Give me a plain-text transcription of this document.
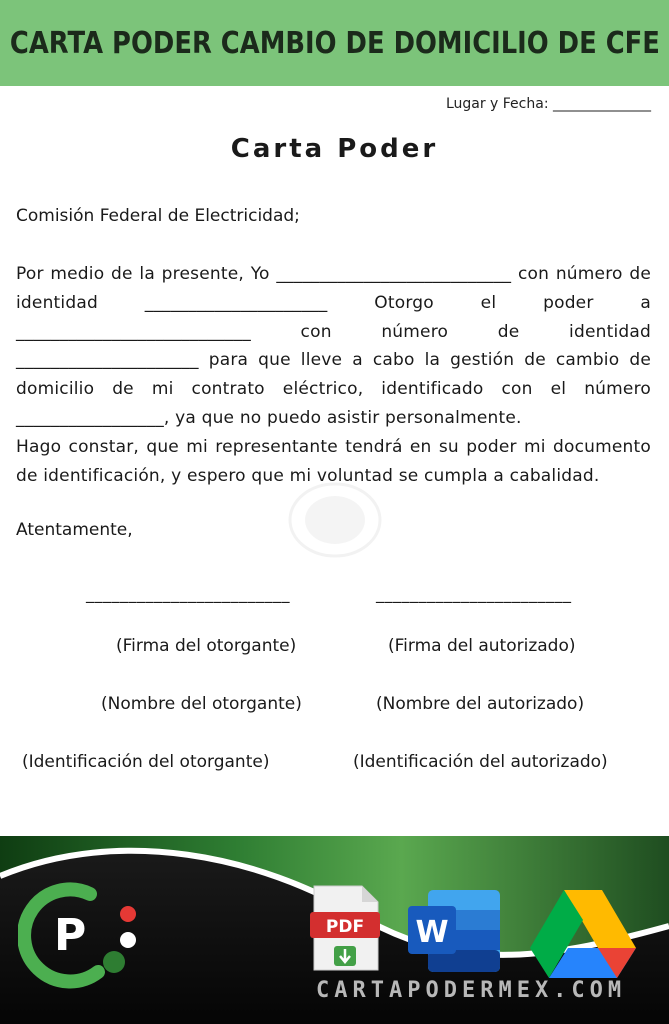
CARTA PODER CAMBIO DE DOMICILIO DE CFE
Lugar y Fecha: ______________
Carta Poder
Comisión Federal de Electricidad;

Por medio de la presente, Yo ___________________________ con número de identidad _____________________ Otorgo el poder a ___________________________ con número de identidad _____________________ para que lleve a cabo la gestión de cambio de domicilio de mi contrato eléctrico, identificado con el número _________________, ya que no puedo asistir personalmente.

Hago constar, que mi representante tendrá en su poder mi documento de identificación, y espero que mi voluntad se cumpla a cabalidad.

Atentamente,
________________________	_______________________
(Firma del otorgante)	(Firma del autorizado)
(Nombre del otorgante)	(Nombre del autorizado)
(Identificación del otorgante)	(Identificación del autorizado)
P	PDF W
CARTAPODERMEX.COM
